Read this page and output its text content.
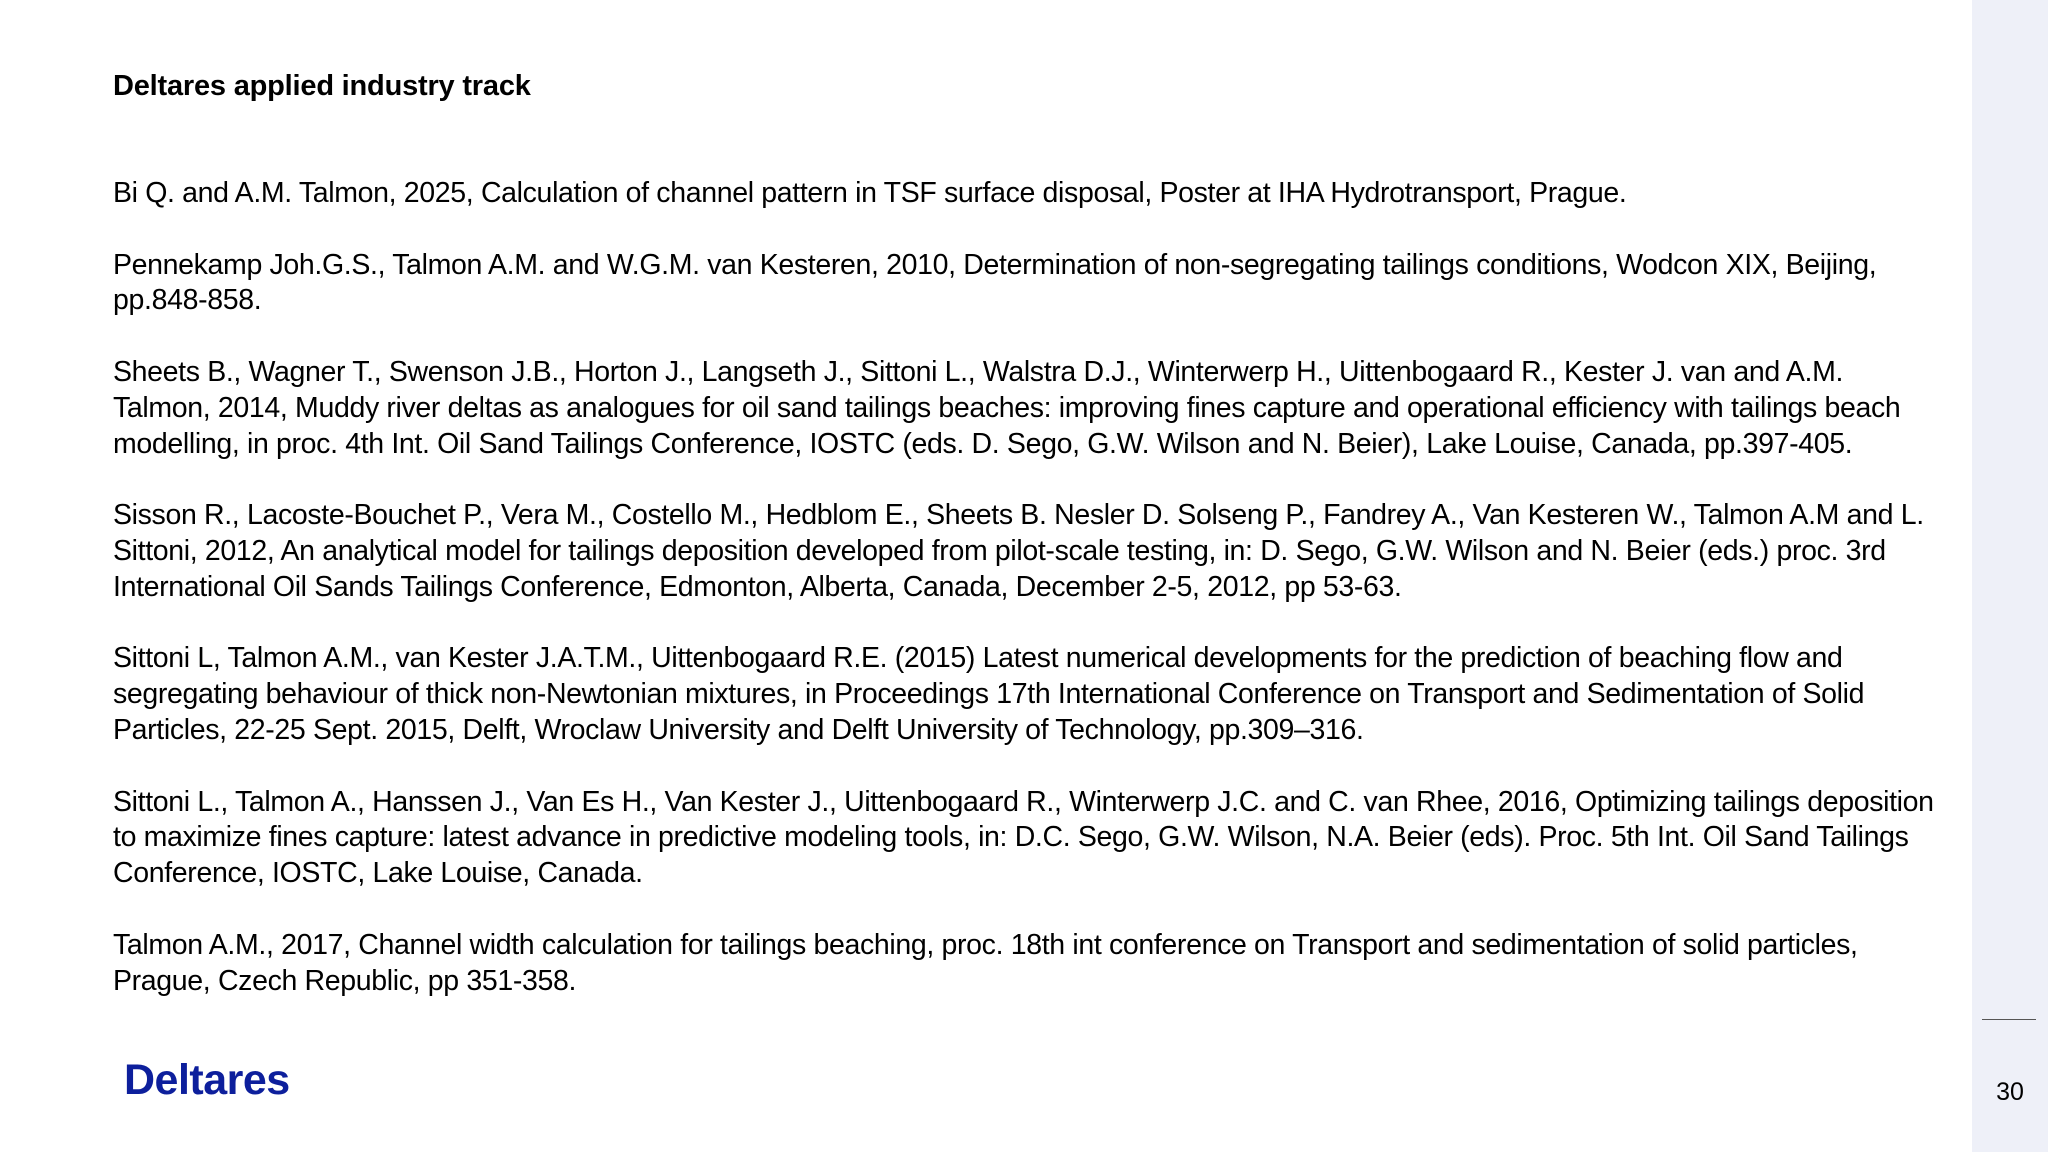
Deltares applied industry track
Bi Q. and A.M. Talmon, 2025, Calculation of channel pattern in TSF surface disposal, Poster at IHA Hydrotransport, Prague.
Pennekamp Joh.G.S., Talmon A.M. and W.G.M. van Kesteren, 2010, Determination of non-segregating tailings conditions, Wodcon XIX, Beijing, pp.848-858.
Sheets B., Wagner T., Swenson J.B., Horton J., Langseth J., Sittoni L., Walstra D.J., Winterwerp H., Uittenbogaard R., Kester J. van and A.M. Talmon, 2014, Muddy river deltas as analogues for oil sand tailings beaches: improving fines capture and operational efficiency with tailings beach modelling, in proc. 4th Int. Oil Sand Tailings Conference, IOSTC (eds. D. Sego, G.W. Wilson and N. Beier), Lake Louise, Canada, pp.397-405.
Sisson R., Lacoste-Bouchet P., Vera M., Costello M., Hedblom E., Sheets B. Nesler D. Solseng P., Fandrey A., Van Kesteren W., Talmon A.M and L. Sittoni, 2012, An analytical model for tailings deposition developed from pilot-scale testing, in: D. Sego, G.W. Wilson and N. Beier (eds.) proc. 3rd International Oil Sands Tailings Conference, Edmonton, Alberta, Canada, December 2-5, 2012, pp 53-63.
Sittoni L, Talmon A.M., van Kester J.A.T.M., Uittenbogaard R.E. (2015) Latest numerical developments for the prediction of beaching flow and segregating behaviour of thick non-Newtonian mixtures, in Proceedings 17th International Conference on Transport and Sedimentation of Solid Particles, 22-25 Sept. 2015, Delft, Wroclaw University and Delft University of Technology, pp.309–316.
Sittoni L., Talmon A., Hanssen J., Van Es H., Van Kester J., Uittenbogaard R., Winterwerp J.C. and C. van Rhee, 2016, Optimizing tailings deposition to maximize fines capture: latest advance in predictive modeling tools, in: D.C. Sego, G.W. Wilson, N.A. Beier (eds). Proc. 5th Int. Oil Sand Tailings Conference, IOSTC, Lake Louise, Canada.
Talmon A.M., 2017, Channel width calculation for tailings beaching, proc. 18th int conference on Transport and sedimentation of solid particles, Prague, Czech Republic, pp 351-358.
Deltares	30
